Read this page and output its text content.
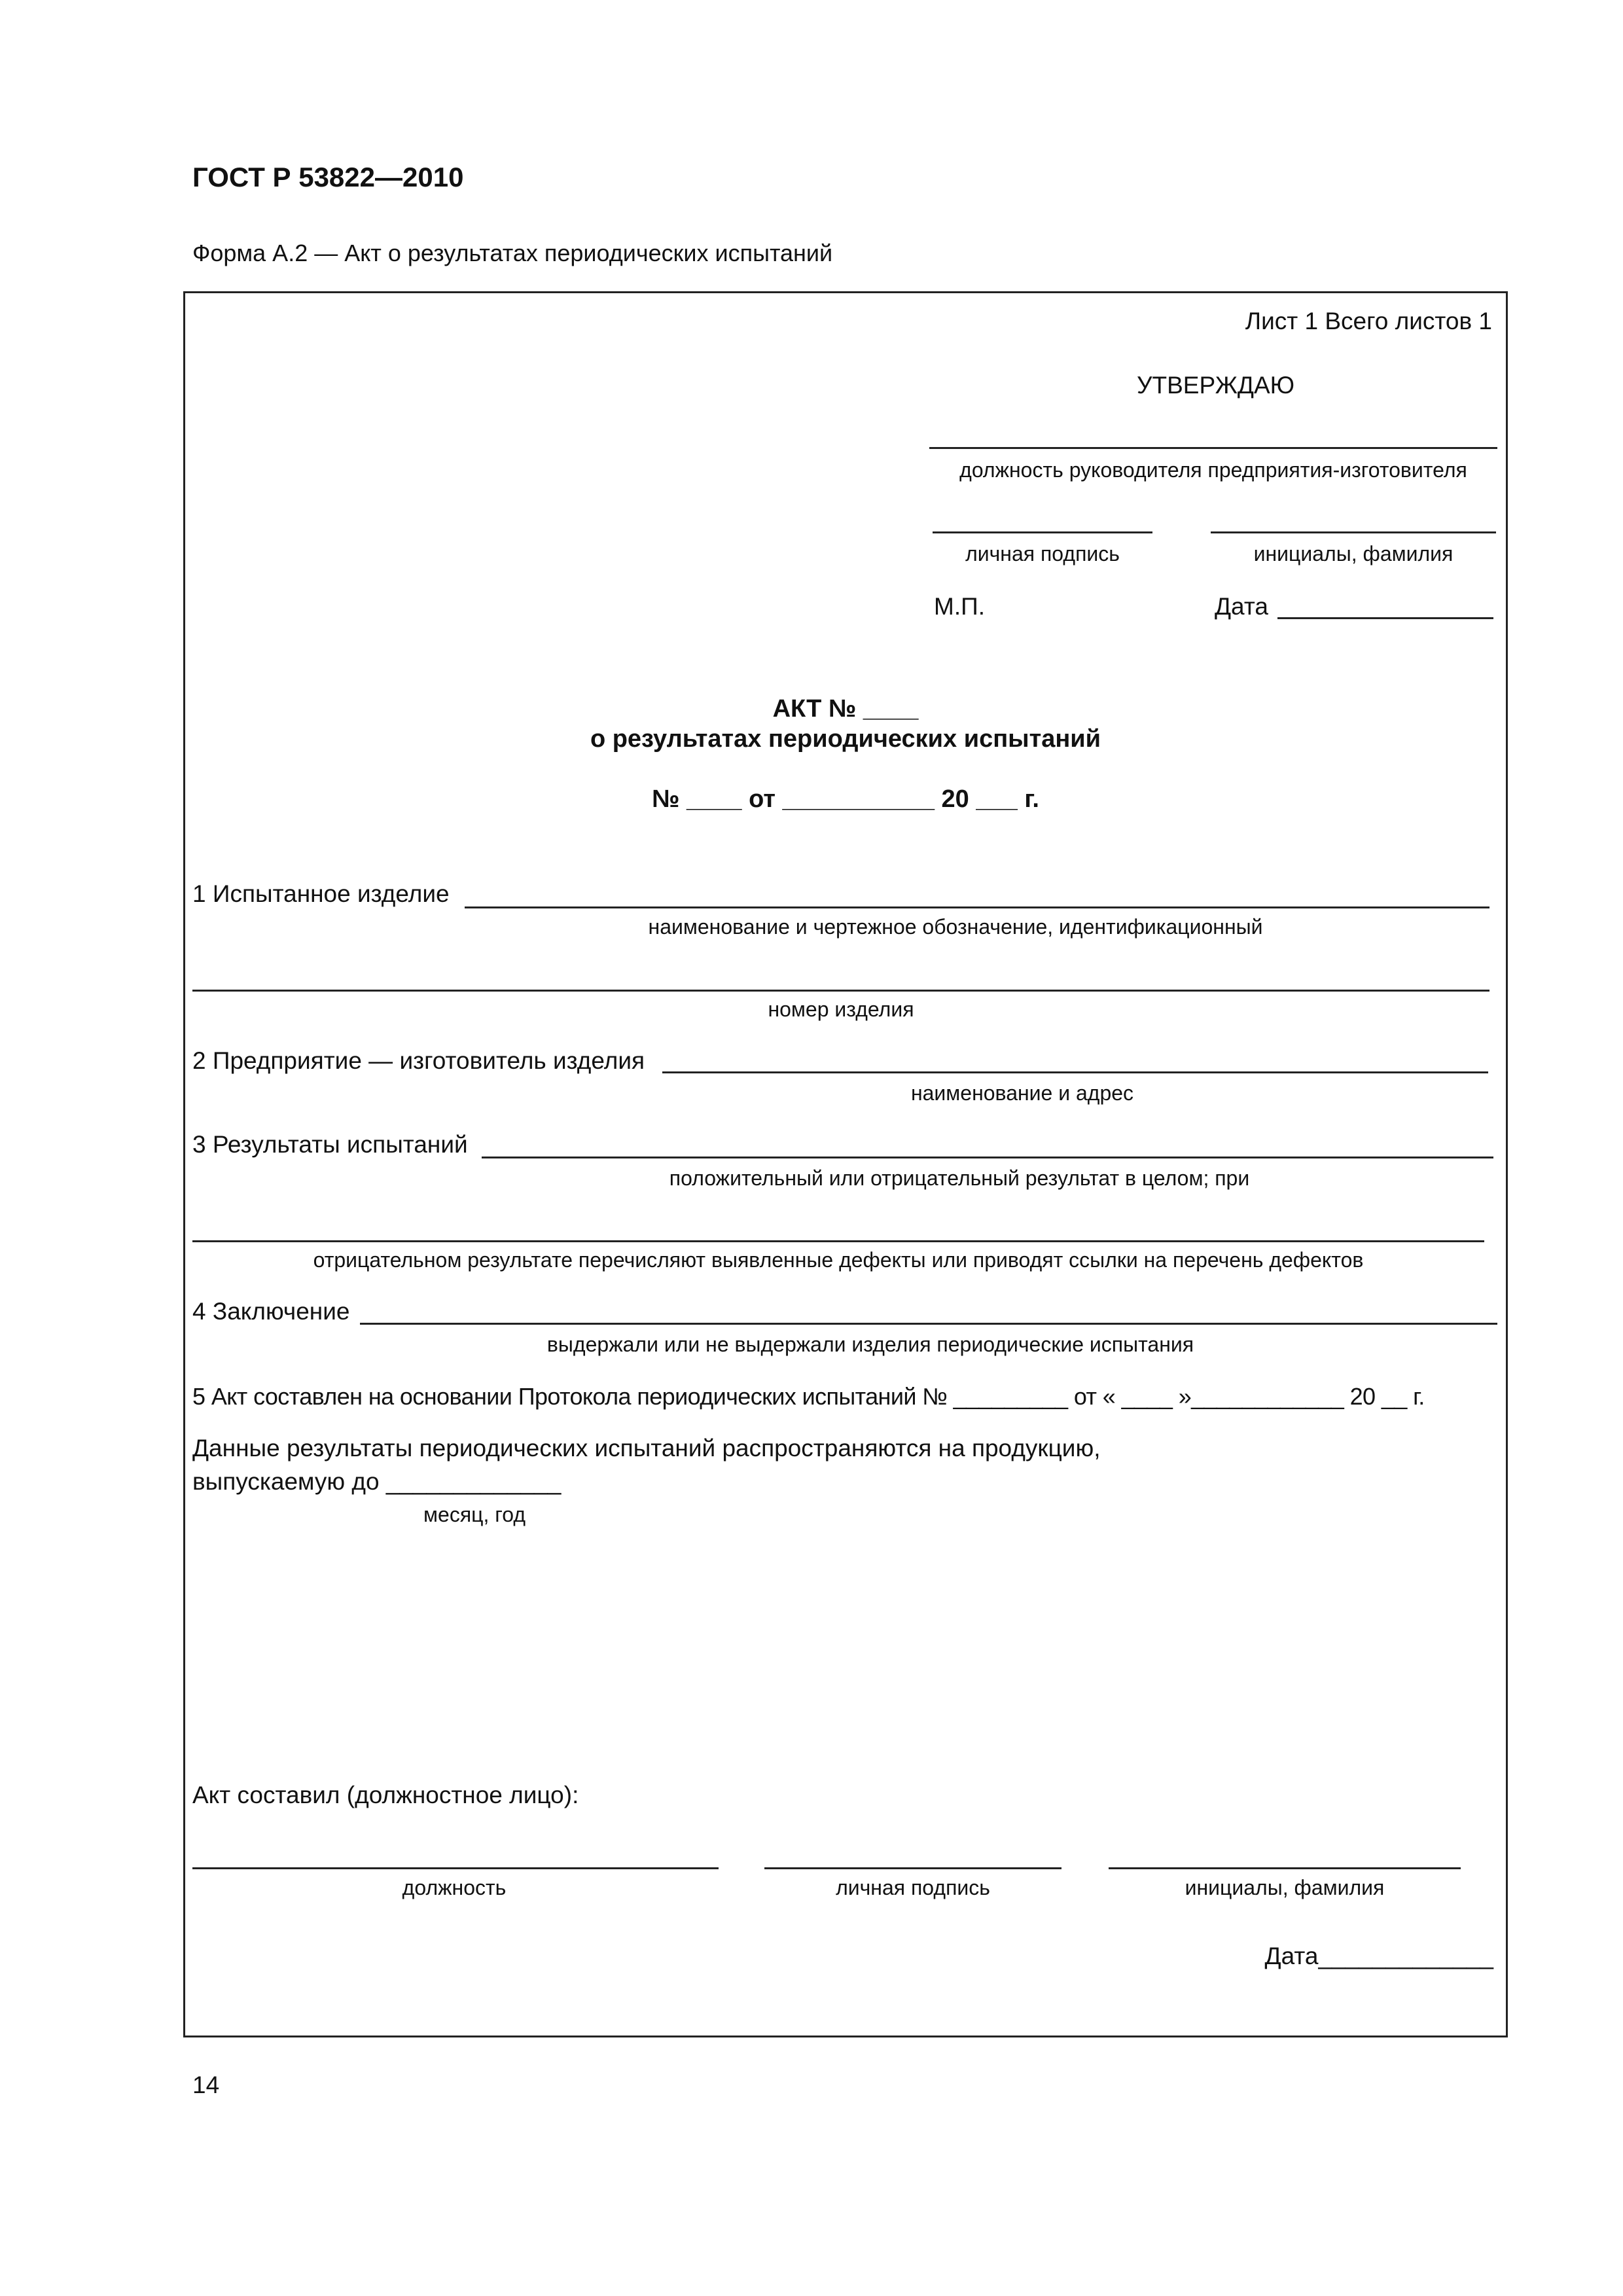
ГОСТ Р 53822—2010
Форма А.2 — Акт о результатах периодических испытаний
Лист 1 Всего листов 1
УТВЕРЖДАЮ
должность руководителя предприятия-изготовителя
личная подпись	инициалы, фамилия
М.П.	Дата
АКТ № ____
о результатах периодических испытаний
№ ____ от ___________ 20 ___ г.
1 Испытанное изделие
наименование и чертежное обозначение, идентификационный
номер изделия
2 Предприятие — изготовитель изделия
наименование и адрес
3 Результаты испытаний
положительный или отрицательный результат в целом; при
отрицательном результате перечисляют выявленные дефекты или приводят ссылки на перечень дефектов
4 Заключение
выдержали или не выдержали изделия периодические испытания
5 Акт составлен на основании Протокола периодических испытаний № _________ от « ____ »____________ 20 __ г.
Данные результаты периодических испытаний распространяются на продукцию,
выпускаемую до _____________
месяц, год
Акт составил (должностное лицо):
должность	личная подпись	инициалы, фамилия
Дата_____________
14
